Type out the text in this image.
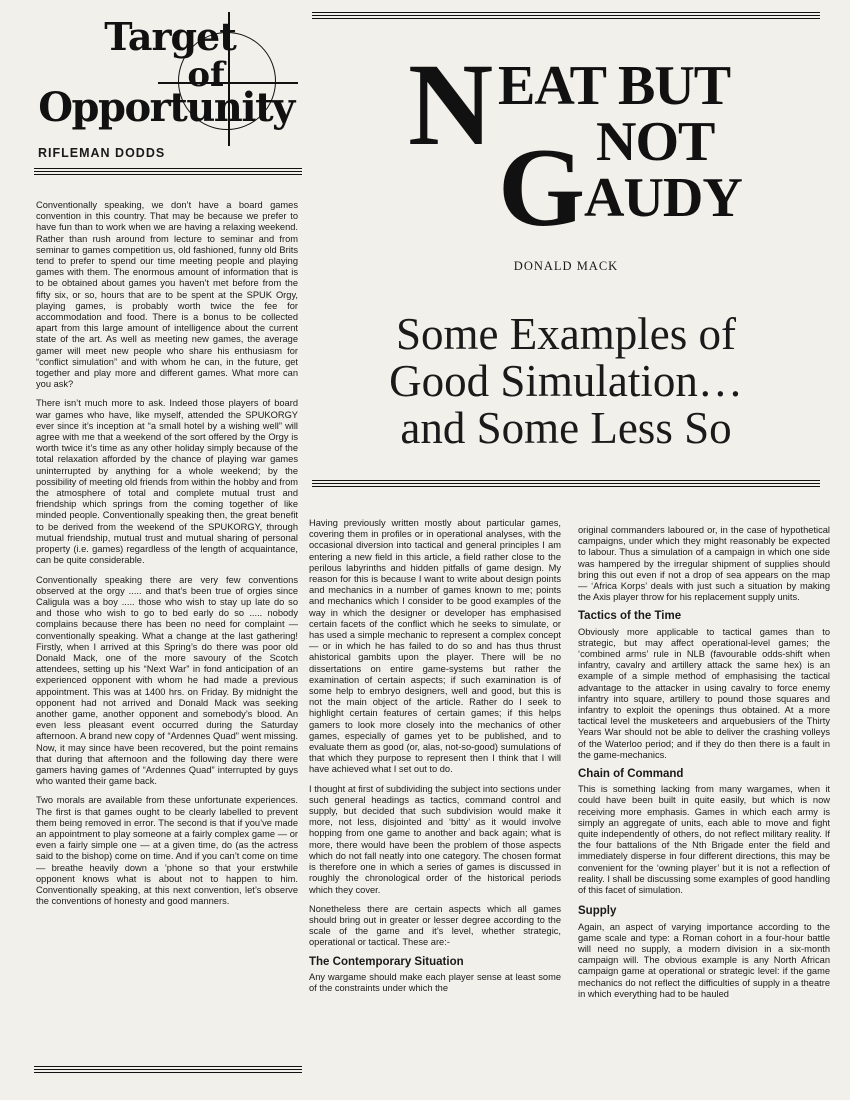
Target
of
Opportunity
RIFLEMAN DODDS

Conventionally speaking, we don’t have a board games convention in this country. That may be because we prefer to have fun than to work when we are having a relaxing weekend. Rather than rush around from lecture to seminar and from seminar to games competition us, old fashioned, funny old Brits tend to prefer to spend our time meeting people and playing games with them. The enormous amount of information that is to be obtained about games you haven’t met before from the fifty six, or so, hours that are to be spent at the SPUK Orgy, playing games, is probably worth twice the fee for accommodation and food. There is a bonus to be collected apart from this large amount of intelligence about the current state of the art. As well as meeting new games, the average gamer will meet new people who share his enthusiasm for “conflict simulation” and with whom he can, in the future, get together and play more and different games. What more can you ask?

There isn’t much more to ask. Indeed those players of board war games who have, like myself, attended the SPUKORGY ever since it’s inception at “a small hotel by a wishing well” will agree with me that a weekend of the sort offered by the Orgy is worth twice it’s time as any other holiday simply because of the total relaxation afforded by the chance of playing war games uninterrupted by anything for a whole weekend; by the possibility of meeting old friends from within the hobby and from the atmosphere of total and complete mutual trust and friendship which springs from the coming together of like minded people. Conventionally speaking then, the great benefit to be derived from the weekend of the SPUKORGY, through mutual friendship, mutual trust and mutual sharing of personal property (i.e. games) regardless of the length of acquaintance, can be quite considerable.

Conventionally speaking there are very few conventions observed at the orgy ..... and that’s been true of orgies since Caligula was a boy ..... those who wish to stay up late do so and those who wish to go to bed early do so ..... nobody complains because there has been no need for complaint — conventionally speaking. What a change at the last gathering! Firstly, when I arrived at this Spring’s do there was poor old Donald Mack, one of the more savoury of the Scotch attendees, setting up his “Next War” in fond anticipation of an experienced opponent with whom he had made a previous appointment. This was at 1400 hrs. on Friday. By midnight the opponent had not arrived and Donald Mack was seeking another game, another opponent and somebody’s blood. An even less pleasant event occurred during the Saturday afternoon. A brand new copy of “Ardennes Quad” went missing. Now, it may since have been recovered, but the point remains that during that afternoon and the following day there were gamers having games of “Ardennes Quad” interrupted by guys who wanted their game back.

Two morals are available from these unfortunate experiences. The first is that games ought to be clearly labelled to prevent them being removed in error. The second is that if you’ve made an appointment to play someone at a fairly complex game — or even a fairly simple one — at a given time, do (as the actress said to the bishop) come on time. And if you can’t come on time — breathe heavily down a ’phone so that your erstwhile opponent knows what is about not to happen to him. Conventionally speaking, at this next convention, let’s observe the conventions of honesty and good manners.

N EAT BUT
NOT
G
AUDY
DONALD MACK
Some Examples of
Good Simulation…
and Some Less So

Having previously written mostly about particular games, covering them in profiles or in operational analyses, with the occasional diversion into tactical and general principles I am entering a new field in this article, a field rather close to the perilous labyrinths and hidden pitfalls of game design. My reason for this is because I want to write about design points and mechanics in a number of games known to me; points and mechanics which I consider to be good examples of the way in which the designer or developer has emphasised certain facets of the conflict which he seeks to simulate, or has used a simple mechanic to represent a complex concept — or in which he has failed to do so and has thus thrust ahistorical gambits upon the player. There will be no dissertations on entire game-systems but rather the examination of certain aspects; if such examination is of some help to embryo designers, well and good, but this is not the main object of the article. Rather do I seek to highlight certain features of certain games; if this helps gamers to look more closely into the mechanics of other games, especially of games yet to be published, and to evaluate them as good (or, alas, not-so-good) sumulations of that which they purpose to represent then I think that I will have achieved what I set out to do.

I thought at first of subdividing the subject into sections under such general headings as tactics, command control and supply, but decided that such subdivision would make it more, not less, disjointed and ‘bitty’ as it would involve hopping from one game to another and back again; what is more, there would have been the problem of those aspects which do not fall neatly into one category. The chosen format is therefore one in which a series of games is discussed in roughly the chronological order of the historical periods which they cover.

Nonetheless there are certain aspects which all games should bring out in greater or lesser degree according to the scale of the game and it’s level, whether strategic, operational or tactical. These are:-

The Contemporary Situation

Any wargame should make each player sense at least some of the constraints under which the

original commanders laboured or, in the case of hypothetical campaigns, under which they might reasonably be expected to labour. Thus a simulation of a campaign in which one side was hampered by the irregular shipment of supplies should bring this out even if not a drop of sea appears on the map — ‘Africa Korps’ deals with just such a situation by making the Axis player throw for his replacement supply units.

Tactics of the Time

Obviously more applicable to tactical games than to strategic, but may affect operational-level games; the ‘combined arms’ rule in NLB (favourable odds-shift when infantry, cavalry and artillery attack the same hex) is an example of a simple method of emphasising the tactical advantage to the attacker in using cavalry to force enemy infantry into square, artillery to pound those squares and infantry to exploit the openings thus obtained. At a more tactical level the musketeers and arquebusiers of the Thirty Years War should not be able to deliver the crashing volleys of the Waterloo period; and if they do then there is a fault in the game-mechanics.

Chain of Command

This is something lacking from many wargames, when it could have been built in quite easily, but which is now receiving more emphasis. Games in which each army is simply an aggregate of units, each able to move and fight quite independently of others, do not reflect military reality. If the four battalions of the Nth Brigade enter the field and immediately disperse in four different directions, this may be convenient for the ‘owning player’ but it is not a reflection of reality. I shall be discussing some examples of good handling of this facet of simulation.

Supply

Again, an aspect of varying importance according to the game scale and type: a Roman cohort in a four-hour battle will need no supply, a modern division in a six-month campaign will. The obvious example is any North African campaign game at operational or strategic level: if the game mechanics do not reflect the difficulties of supply in a theatre in which everything had to be hauled
